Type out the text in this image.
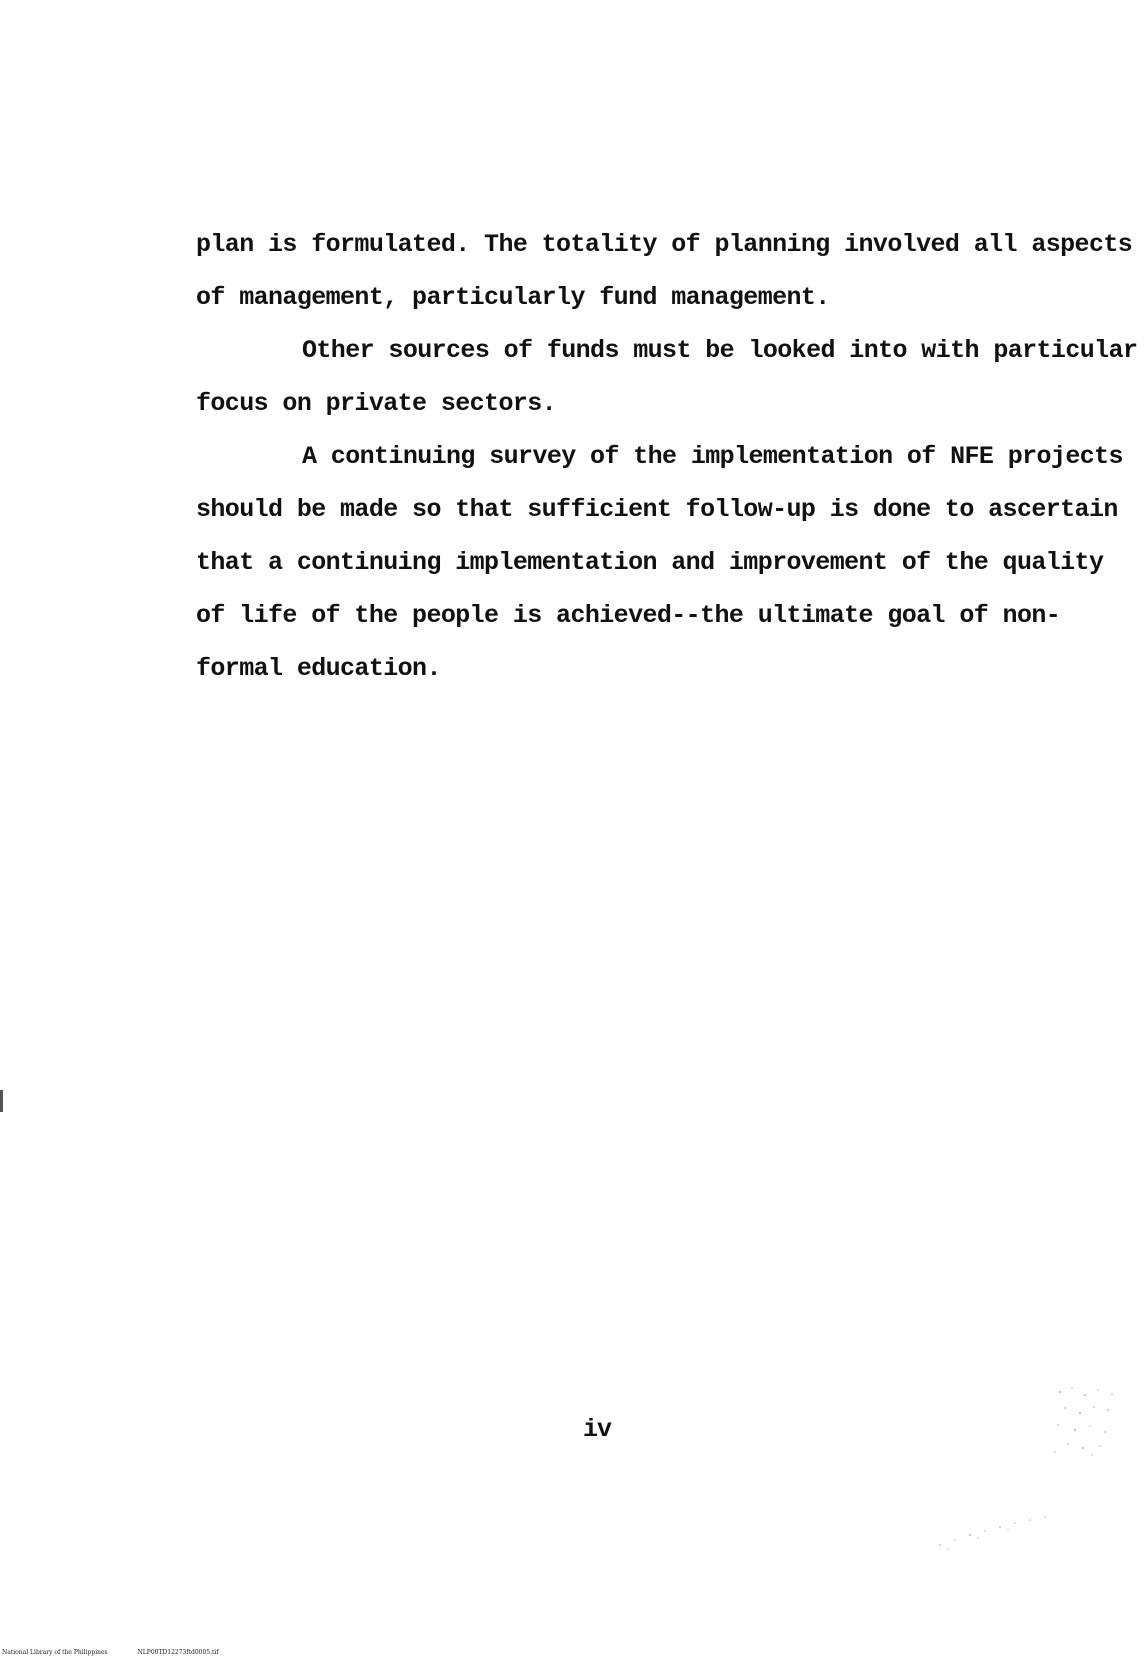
plan is formulated. The totality of planning involved all aspects
of management, particularly fund management.
Other sources of funds must be looked into with particular
focus on private sectors.
A continuing survey of the implementation of NFE projects
should be made so that sufficient follow-up is done to ascertain
that a continuing implementation and improvement of the quality
of life of the people is achieved--the ultimate goal of non-
formal education.
iv
National Library of the Philippines	NLP00TD12273ftd0005.tif
